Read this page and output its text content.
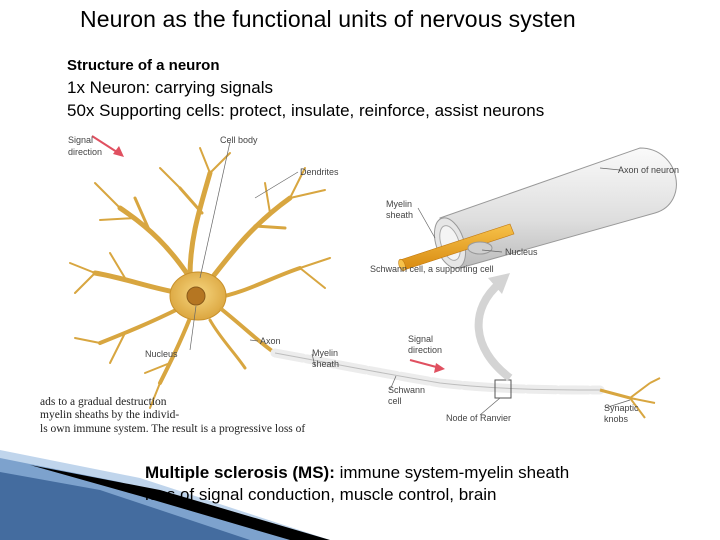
Neuron as the functional units of nervous systen
Structure of a neuron
1x Neuron: carrying signals
50x Supporting cells: protect, insulate, reinforce, assist neurons
Signal
direction
Cell body
Dendrites	Axon of neuron
Myelin
sheath
Nucleus
Schwann cell, a supporting cell
Nucleus
Axon
Myelin
sheath
Signal
direction
Schwann
cell
Node of Ranvier
Synaptic
knobs
ads to a gradual destruction
myelin sheaths by the individ-
ls own immune system. The result is a progressive loss of
Multiple sclerosis (MS): immune system-myelin sheath
loss of signal conduction, muscle control, brain
